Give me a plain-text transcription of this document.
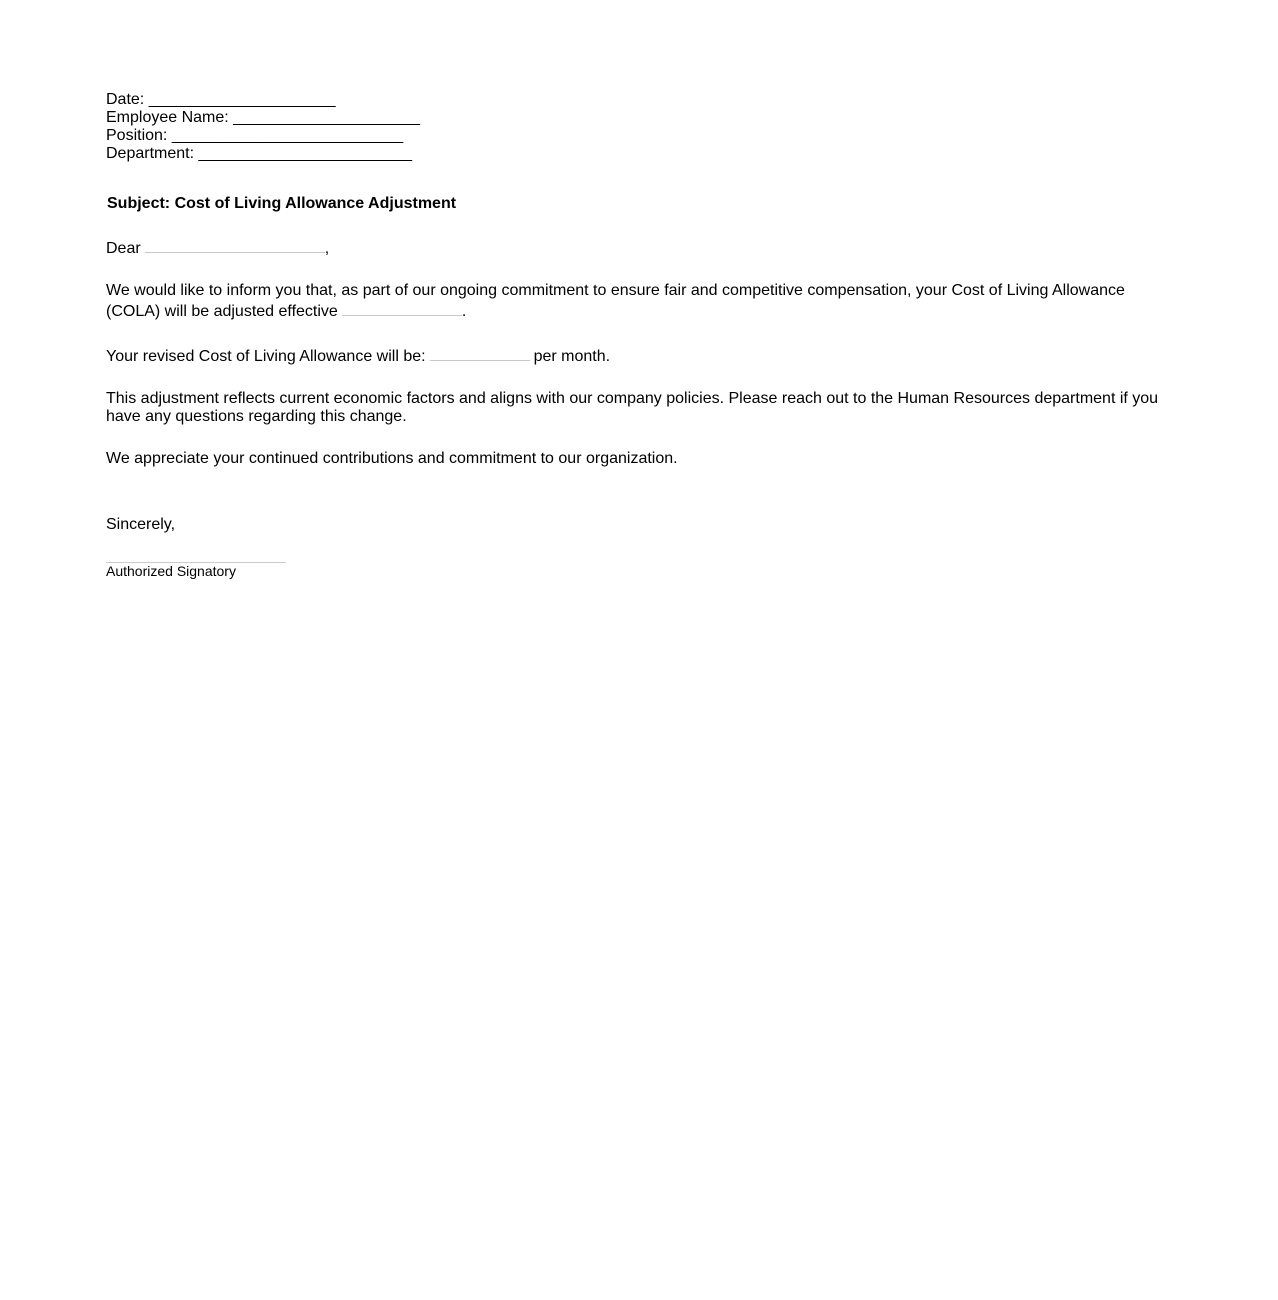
Date: _____________________
Employee Name: _____________________
Position: __________________________
Department: ________________________
Subject: Cost of Living Allowance Adjustment
Dear	,
We would like to inform you that, as part of our ongoing commitment to ensure fair and competitive compensation, your Cost of Living Allowance (COLA) will be adjusted effective	.
Your revised Cost of Living Allowance will be:	per month.
This adjustment reflects current economic factors and aligns with our company policies. Please reach out to the Human Resources department if you have any questions regarding this change.
We appreciate your continued contributions and commitment to our organization.
Sincerely,
Authorized Signatory
